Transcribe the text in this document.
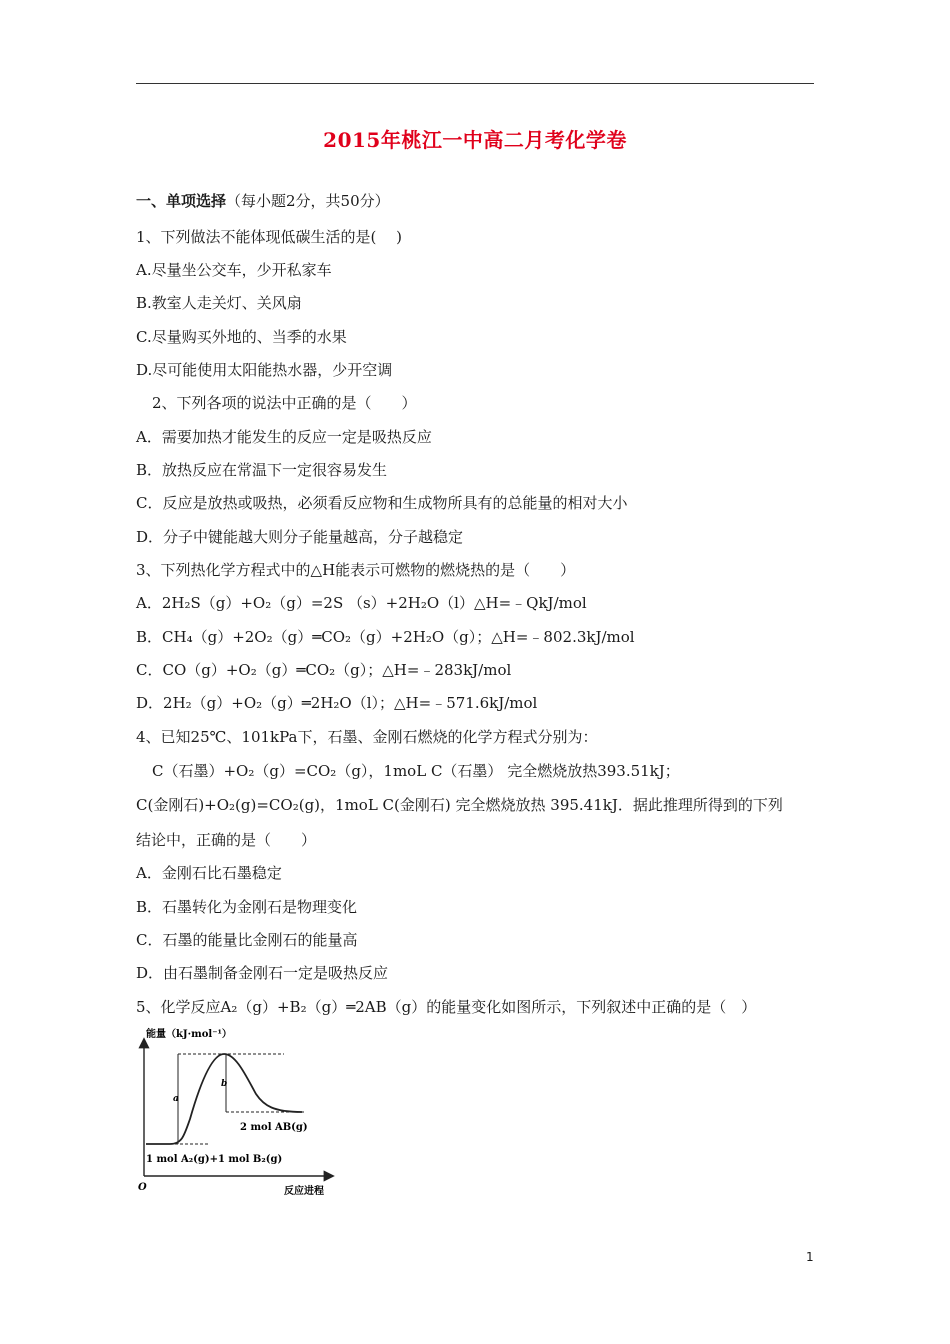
2015年桃江一中高二月考化学卷
一、单项选择（每小题2分，共50分）
1、下列做法不能体现低碳生活的是(　 )
A.尽量坐公交车，少开私家车
B.教室人走关灯、关风扇
C.尽量购买外地的、当季的水果
D.尽可能使用太阳能热水器，少开空调
2、下列各项的说法中正确的是（　　）
A．需要加热才能发生的反应一定是吸热反应
B．放热反应在常温下一定很容易发生
C．反应是放热或吸热，必须看反应物和生成物所具有的总能量的相对大小
D．分子中键能越大则分子能量越高，分子越稳定
3、下列热化学方程式中的△H能表示可燃物的燃烧热的是（　　）
A．2H₂S（g）+O₂（g）=2S （s）+2H₂O（l）△H=﹣QkJ/mol
B．CH₄（g）+2O₂（g）═CO₂（g）+2H₂O（g）；△H=﹣802.3kJ/mol
C．CO（g）+O₂（g）═CO₂（g）；△H=﹣283kJ/mol
D．2H₂（g）+O₂（g）═2H₂O（l）；△H=﹣571.6kJ/mol
4、已知25℃、101kPa下，石墨、金刚石燃烧的化学方程式分别为：
C（石墨）+O₂（g）=CO₂（g），1moL C（石墨） 完全燃烧放热393.51kJ；
C(金刚石)+O₂(g)=CO₂(g)，1moL C(金刚石) 完全燃烧放热 395.41kJ．据此推理所得到的下列
结论中，正确的是（　　）
A．金刚石比石墨稳定
B．石墨转化为金刚石是物理变化
C．石墨的能量比金刚石的能量高
D．由石墨制备金刚石一定是吸热反应
5、化学反应A₂（g）+B₂（g）═2AB（g）的能量变化如图所示，下列叙述中正确的是（　）
能量（kJ·mol⁻¹）
a
b
2 mol AB(g)
1 mol A₂(g)+1 mol B₂(g)
O	反应进程
1
